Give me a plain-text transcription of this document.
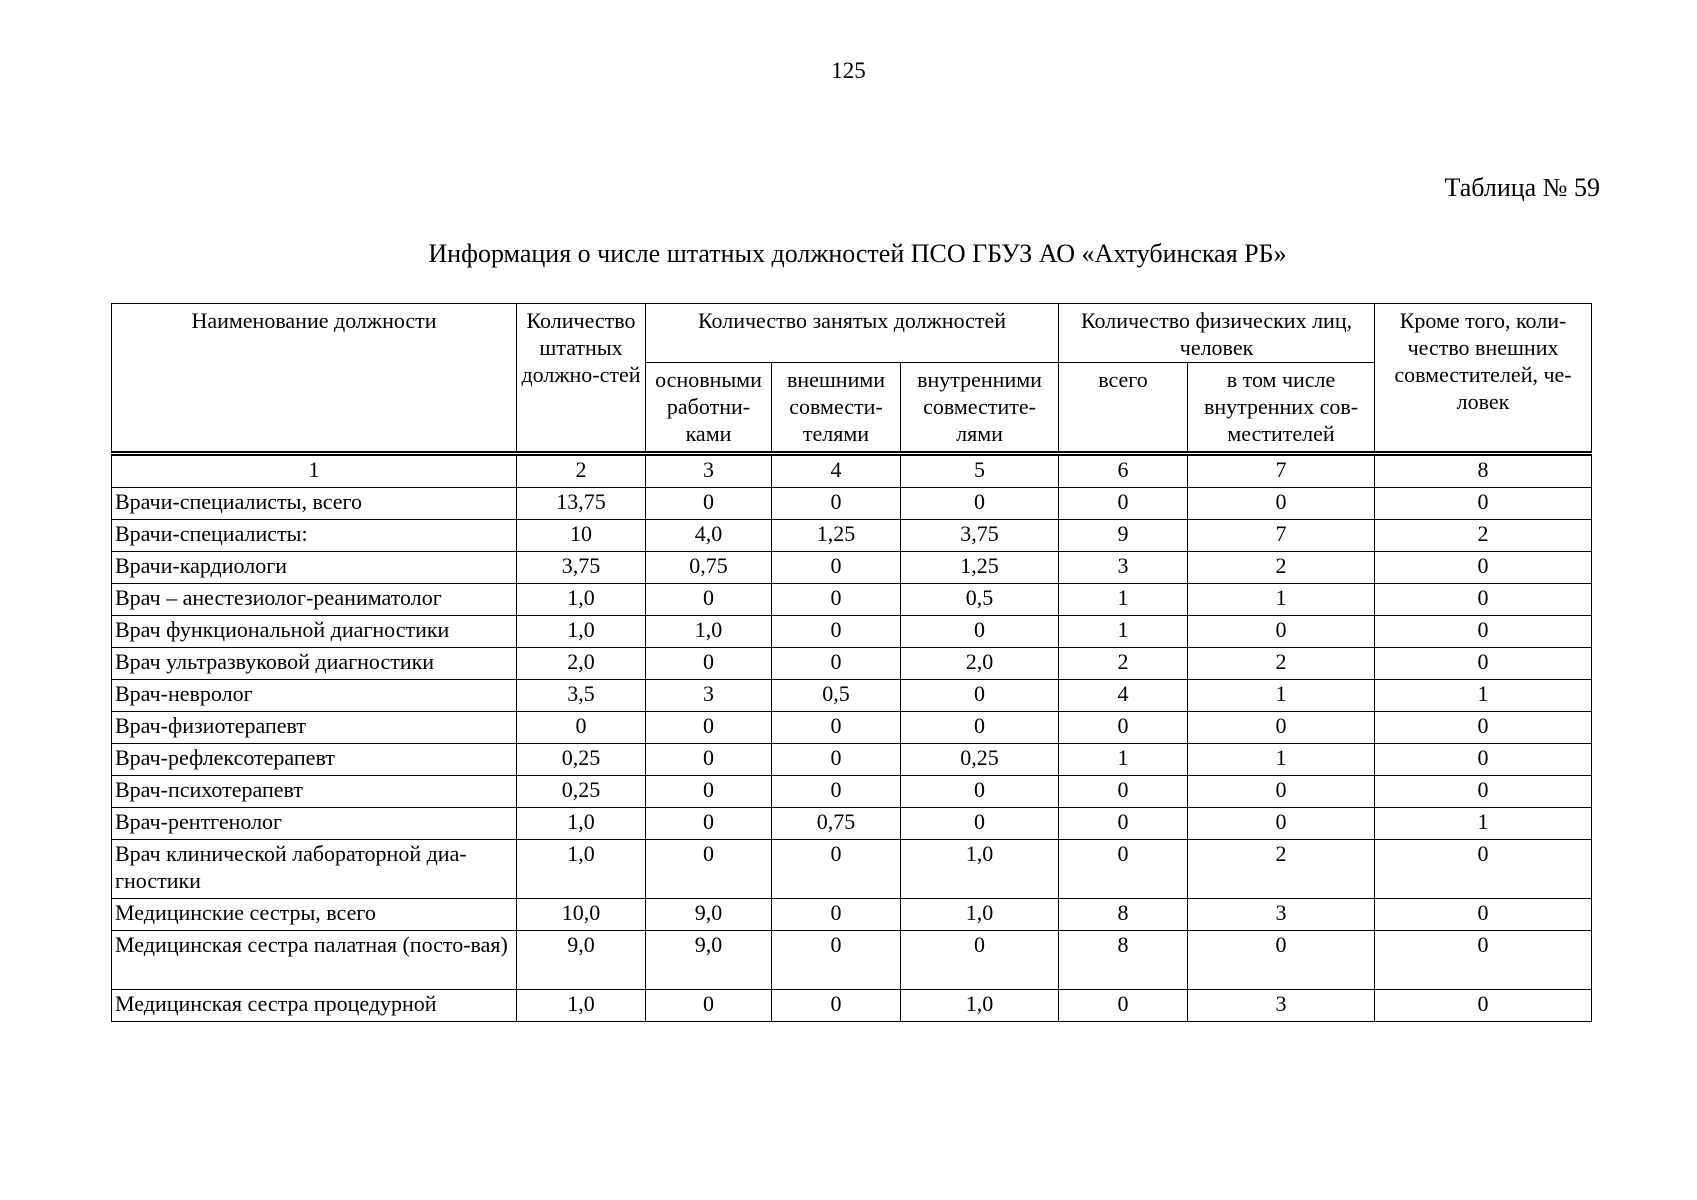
125
Таблица № 59
Информация о числе штатных должностей ПСО ГБУЗ АО «Ахтубинская РБ»
Наименование должности	Количество штатных должно-стей	Количество занятых должностей			Количество физических лиц, человек		Кроме того, коли-чество внешних совместителей, че-ловек
		основными работни-ками	внешними совмести-телями	внутренними совместите-лями	всего	в том числе внутренних сов-местителей	
1	2	3	4	5	6	7	8
Врачи-специалисты, всего	13,75	0	0	0	0	0	0
Врачи-специалисты:	10	4,0	1,25	3,75	9	7	2
Врачи-кардиологи	3,75	0,75	0	1,25	3	2	0
Врач – анестезиолог-реаниматолог	1,0	0	0	0,5	1	1	0
Врач функциональной диагностики	1,0	1,0	0	0	1	0	0
Врач ультразвуковой диагностики	2,0	0	0	2,0	2	2	0
Врач-невролог	3,5	3	0,5	0	4	1	1
Врач-физиотерапевт	0	0	0	0	0	0	0
Врач-рефлексотерапевт	0,25	0	0	0,25	1	1	0
Врач-психотерапевт	0,25	0	0	0	0	0	0
Врач-рентгенолог	1,0	0	0,75	0	0	0	1
Врач клинической лабораторной диа-гностики	1,0	0	0	1,0	0	2	0
Медицинские сестры, всего	10,0	9,0	0	1,0	8	3	0
Медицинская сестра палатная (посто-вая)	9,0	9,0	0	0	8	0	0
Медицинская сестра процедурной	1,0	0	0	1,0	0	3	0
